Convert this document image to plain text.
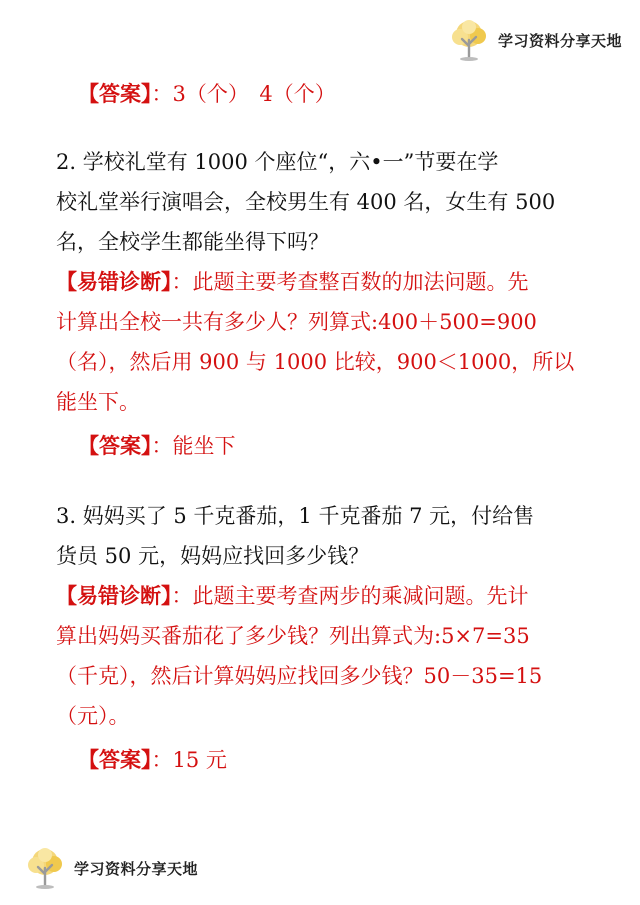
学习资料分享天地
【答案】：3（个）　4（个）
2. 学校礼堂有 1000 个座位“，六•一”节要在学
校礼堂举行演唱会，全校男生有 400 名，女生有 500
名，全校学生都能坐得下吗？
【易错诊断】：此题主要考查整百数的加法问题。先
计算出全校一共有多少人？列算式:400＋500=900
（名），然后用 900 与 1000 比较，900＜1000，所以
能坐下。
【答案】：能坐下
3. 妈妈买了 5 千克番茄，1 千克番茄 7 元，付给售
货员 50 元，妈妈应找回多少钱？
【易错诊断】：此题主要考查两步的乘减问题。先计
算出妈妈买番茄花了多少钱？列出算式为:5×7=35
（千克），然后计算妈妈应找回多少钱？50－35=15
（元）。
【答案】：15 元
学习资料分享天地
